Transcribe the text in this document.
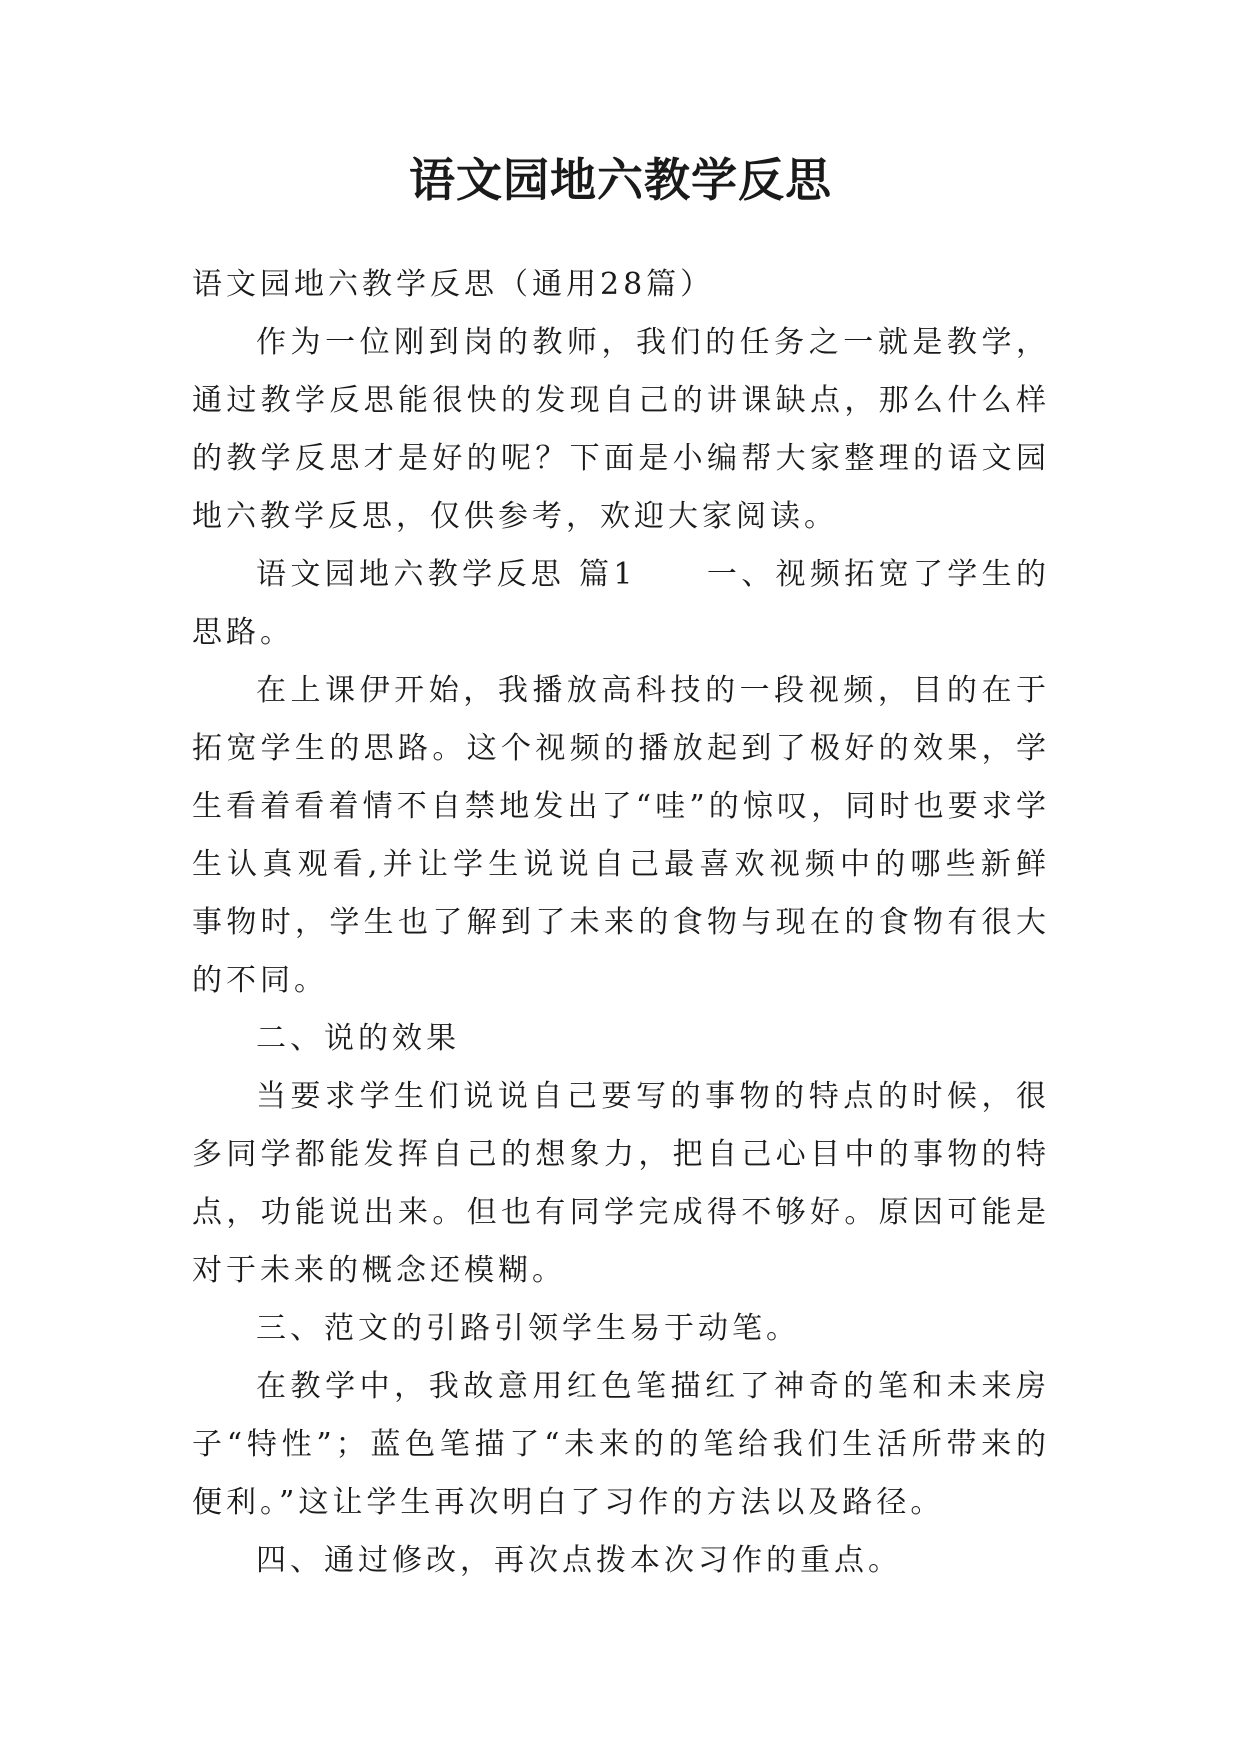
语文园地六教学反思

语文园地六教学反思（通用28篇）

作为一位刚到岗的教师，我们的任务之一就是教学，通过教学反思能很快的发现自己的讲课缺点，那么什么样的教学反思才是好的呢？下面是小编帮大家整理的语文园地六教学反思，仅供参考，欢迎大家阅读。

语文园地六教学反思 篇1 一、视频拓宽了学生的思路。

在上课伊开始，我播放高科技的一段视频，目的在于拓宽学生的思路。这个视频的播放起到了极好的效果，学生看着看着情不自禁地发出了“哇”的惊叹，同时也要求学生认真观看,并让学生说说自己最喜欢视频中的哪些新鲜事物时，学生也了解到了未来的食物与现在的食物有很大的不同。

二、说的效果

当要求学生们说说自己要写的事物的特点的时候，很多同学都能发挥自己的想象力，把自己心目中的事物的特点，功能说出来。但也有同学完成得不够好。原因可能是对于未来的概念还模糊。

三、范文的引路引领学生易于动笔。

在教学中，我故意用红色笔描红了神奇的笔和未来房子“特性”；蓝色笔描了“未来的的笔给我们生活所带来的便利。”这让学生再次明白了习作的方法以及路径。

四、通过修改，再次点拨本次习作的重点。
